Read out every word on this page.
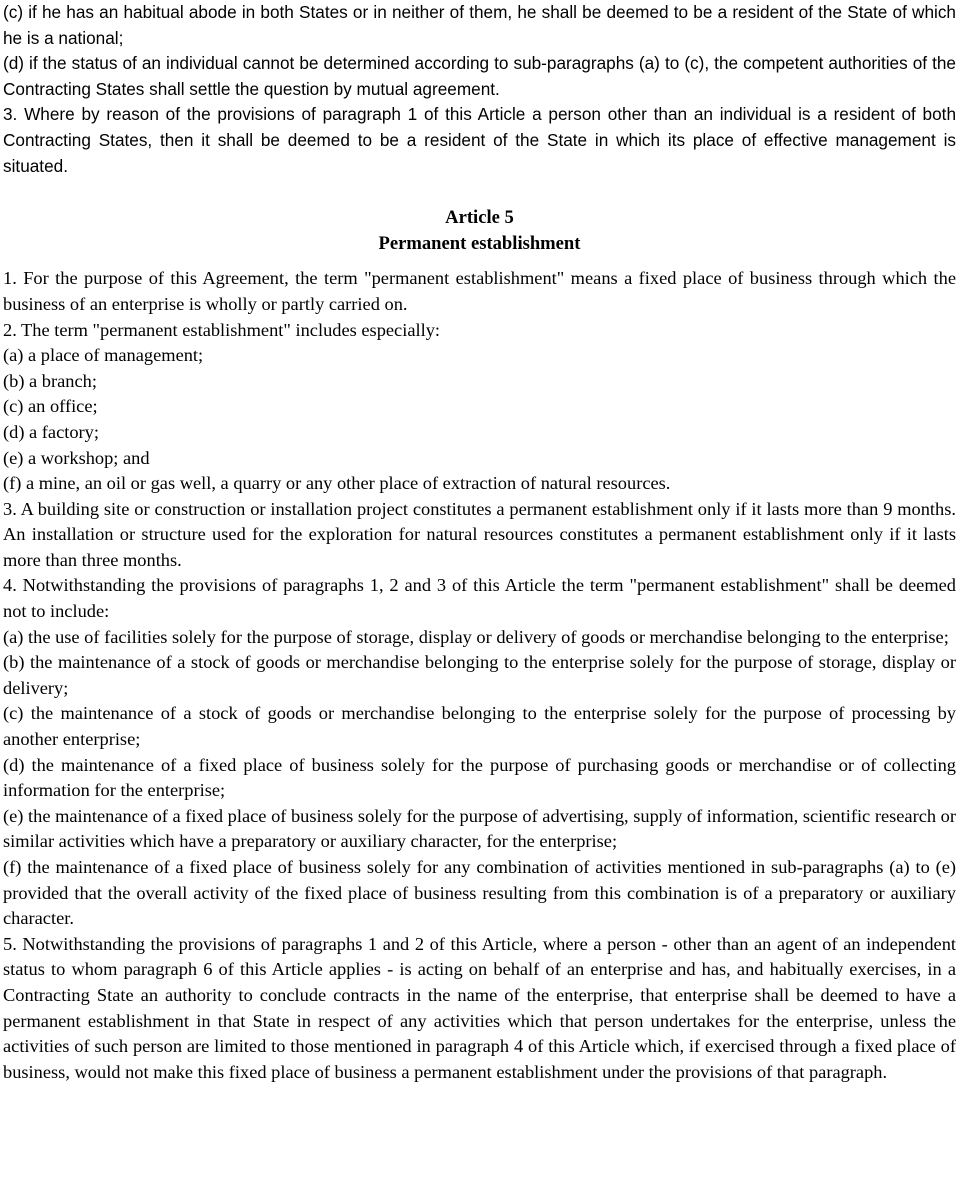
(c) if he has an habitual abode in both States or in neither of them, he shall be deemed to be a resident of the State of which he is a national;

(d) if the status of an individual cannot be determined according to sub-paragraphs (a) to (c), the competent authorities of the Contracting States shall settle the question by mutual agreement.

3. Where by reason of the provisions of paragraph 1 of this Article a person other than an individual is a resident of both Contracting States, then it shall be deemed to be a resident of the State in which its place of effective management is situated.

Article 5

Permanent establishment

1. For the purpose of this Agreement, the term "permanent establishment" means a fixed place of business through which the business of an enterprise is wholly or partly carried on.

2. The term "permanent establishment" includes especially:

(a) a place of management;

(b) a branch;

(c) an office;

(d) a factory;

(e) a workshop; and

(f) a mine, an oil or gas well, a quarry or any other place of extraction of natural resources.

3. A building site or construction or installation project constitutes a permanent establishment only if it lasts more than 9 months. An installation or structure used for the exploration for natural resources constitutes a permanent establishment only if it lasts more than three months.

4. Notwithstanding the provisions of paragraphs 1, 2 and 3 of this Article the term "permanent establishment" shall be deemed not to include:

(a) the use of facilities solely for the purpose of storage, display or delivery of goods or merchandise belonging to the enterprise;

(b) the maintenance of a stock of goods or merchandise belonging to the enterprise solely for the purpose of storage, display or delivery;

(c) the maintenance of a stock of goods or merchandise belonging to the enterprise solely for the purpose of processing by another enterprise;

(d) the maintenance of a fixed place of business solely for the purpose of purchasing goods or merchandise or of collecting information for the enterprise;

(e) the maintenance of a fixed place of business solely for the purpose of advertising, supply of information, scientific research or similar activities which have a preparatory or auxiliary character, for the enterprise;

(f) the maintenance of a fixed place of business solely for any combination of activities mentioned in sub-paragraphs (a) to (e) provided that the overall activity of the fixed place of business resulting from this combination is of a preparatory or auxiliary character.

5. Notwithstanding the provisions of paragraphs 1 and 2 of this Article, where a person - other than an agent of an independent status to whom paragraph 6 of this Article applies - is acting on behalf of an enterprise and has, and habitually exercises, in a Contracting State an authority to conclude contracts in the name of the enterprise, that enterprise shall be deemed to have a permanent establishment in that State in respect of any activities which that person undertakes for the enterprise, unless the activities of such person are limited to those mentioned in paragraph 4 of this Article which, if exercised through a fixed place of business, would not make this fixed place of business a permanent establishment under the provisions of that paragraph.
